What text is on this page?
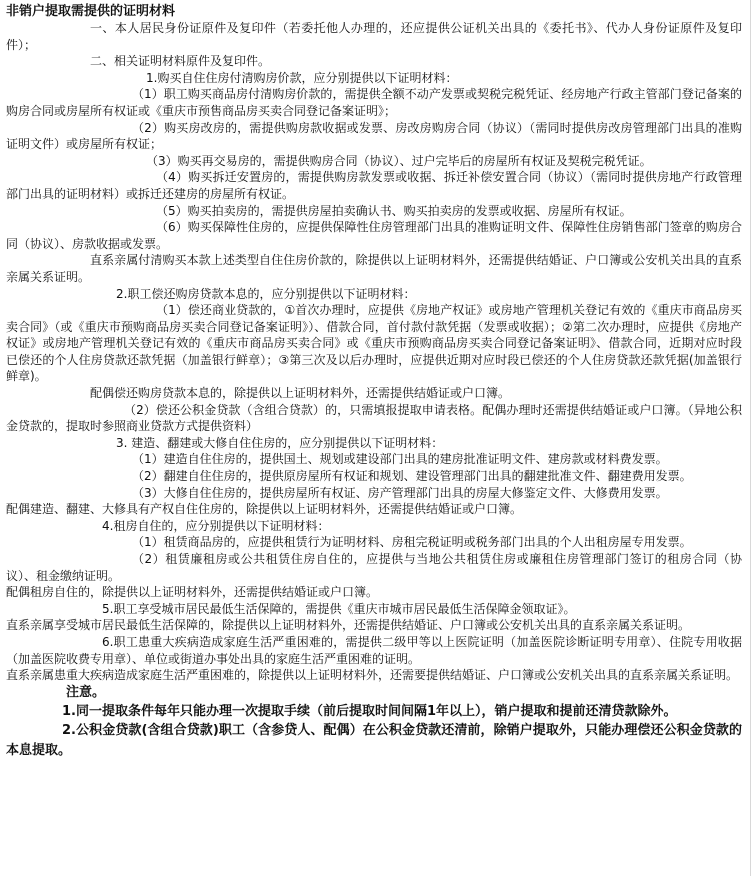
非销户提取需提供的证明材料

一、本人居民身份证原件及复印件（若委托他人办理的，还应提供公证机关出具的《委托书》、代办人身份证原件及复印件）；

二、相关证明材料原件及复印件。

1.购买自住住房付清购房价款，应分别提供以下证明材料：

（1）职工购买商品房付清购房价款的，需提供全额不动产发票或契税完税凭证、经房地产行政主管部门登记备案的购房合同或房屋所有权证或《重庆市预售商品房买卖合同登记备案证明》；

（2）购买房改房的，需提供购房款收据或发票、房改房购房合同（协议）（需同时提供房改房管理部门出具的准购证明文件）或房屋所有权证；

（3）购买再交易房的，需提供购房合同（协议）、过户完毕后的房屋所有权证及契税完税凭证。

（4）购买拆迁安置房的，需提供购房款发票或收据、拆迁补偿安置合同（协议）（需同时提供房地产行政管理部门出具的证明材料）或拆迁还建房的房屋所有权证。

（5）购买拍卖房的，需提供房屋拍卖确认书、购买拍卖房的发票或收据、房屋所有权证。

（6）购买保障性住房的，应提供保障性住房管理部门出具的准购证明文件、保障性住房销售部门签章的购房合同（协议）、房款收据或发票。

直系亲属付清购买本款上述类型自住住房价款的，除提供以上证明材料外，还需提供结婚证、户口簿或公安机关出具的直系亲属关系证明。

2.职工偿还购房贷款本息的，应分别提供以下证明材料：

（1）偿还商业贷款的，①首次办理时，应提供《房地产权证》或房地产管理机关登记有效的《重庆市商品房买卖合同》（或《重庆市预购商品房买卖合同登记备案证明》）、借款合同，首付款付款凭据（发票或收据）；②第二次办理时，应提供《房地产权证》或房地产管理机关登记有效的《重庆市商品房买卖合同》或《重庆市预购商品房买卖合同登记备案证明》、借款合同，近期对应时段已偿还的个人住房贷款还款凭据（加盖银行鲜章）；③第三次及以后办理时，应提供近期对应时段已偿还的个人住房贷款还款凭据(加盖银行鲜章)。

配偶偿还购房贷款本息的，除提供以上证明材料外，还需提供结婚证或户口簿。

（2）偿还公积金贷款（含组合贷款）的，只需填报提取申请表格。配偶办理时还需提供结婚证或户口簿。（异地公积金贷款的，提取时参照商业贷款方式提供资料）

3. 建造、翻建或大修自住住房的，应分别提供以下证明材料：

（1）建造自住住房的，提供国土、规划或建设部门出具的建房批准证明文件、建房款或材料费发票。

（2）翻建自住住房的，提供原房屋所有权证和规划、建设管理部门出具的翻建批准文件、翻建费用发票。

（3）大修自住住房的，提供房屋所有权证、房产管理部门出具的房屋大修鉴定文件、大修费用发票。

配偶建造、翻建、大修具有产权自住住房的，除提供以上证明材料外，还需提供结婚证或户口簿。

4.租房自住的，应分别提供以下证明材料：

（1）租赁商品房的，应提供租赁行为证明材料、房租完税证明或税务部门出具的个人出租房屋专用发票。

（2）租赁廉租房或公共租赁住房自住的，应提供与当地公共租赁住房或廉租住房管理部门签订的租房合同（协议）、租金缴纳证明。

配偶租房自住的，除提供以上证明材料外，还需提供结婚证或户口簿。

5.职工享受城市居民最低生活保障的，需提供《重庆市城市居民最低生活保障金领取证》。

直系亲属享受城市居民最低生活保障的，除提供以上证明材料外，还需提供结婚证、户口簿或公安机关出具的直系亲属关系证明。

6.职工患重大疾病造成家庭生活严重困难的，需提供二级甲等以上医院证明（加盖医院诊断证明专用章）、住院专用收据（加盖医院收费专用章）、单位或街道办事处出具的家庭生活严重困难的证明。

直系亲属患重大疾病造成家庭生活严重困难的，除提供以上证明材料外，还需要提供结婚证、户口簿或公安机关出具的直系亲属关系证明。

注意。

1.同一提取条件每年只能办理一次提取手续（前后提取时间间隔1年以上），销户提取和提前还清贷款除外。

2.公积金贷款(含组合贷款)职工（含参贷人、配偶）在公积金贷款还清前，除销户提取外，只能办理偿还公积金贷款的本息提取。
